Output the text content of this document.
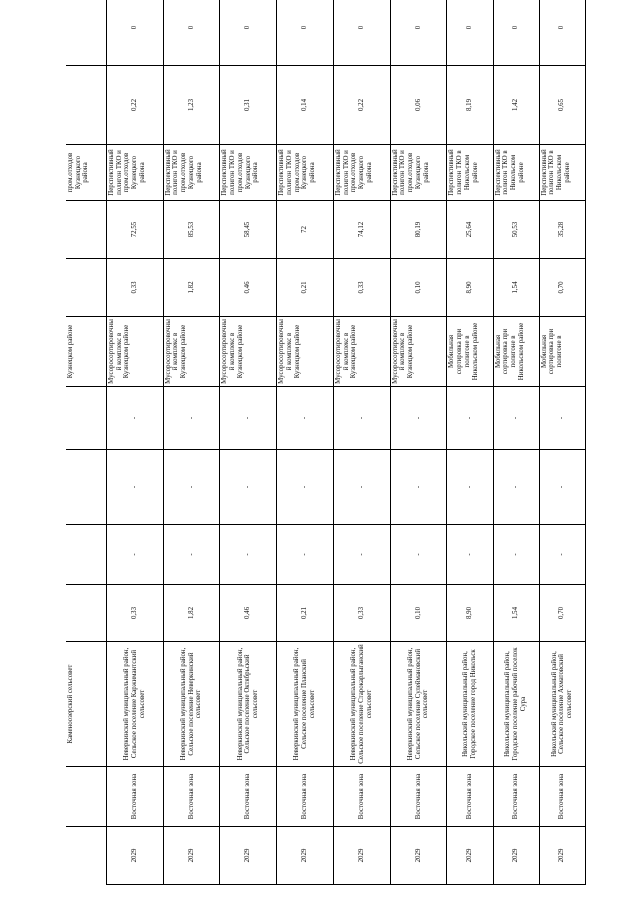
		Каменоозерский сельсовет					Кузнецком районе			пром.отходов Кузнецкого района		
2029	Восточная зона	Неверкинский муниципальный район, Сельское поселение Каржимантский сельсовет	0,33	-	-	-	Мусоросортировочный комплекс в Кузнецком районе	0,33	72,55	Перспективный полигон ТКО и пром.отходов Кузнецкого района	0,22	0
2029	Восточная зона	Неверкинский муниципальный район, Сельское поселение Неверкинский сельсовет	1,82	-	-	-	Мусоросортировочный комплекс в Кузнецком районе	1,82	85,53	Перспективный полигон ТКО и пром.отходов Кузнецкого района	1,23	0
2029	Восточная зона	Неверкинский муниципальный район, Сельское поселение Октябрьский сельсовет	0,46	-	-	-	Мусоросортировочный комплекс в Кузнецком районе	0,46	58,45	Перспективный полигон ТКО и пром.отходов Кузнецкого района	0,31	0
2029	Восточная зона	Неверкинский муниципальный район, Сельское поселение Планский сельсовет	0,21	-	-	-	Мусоросортировочный комплекс в Кузнецком районе	0,21	72	Перспективный полигон ТКО и пром.отходов Кузнецкого района	0,14	0
2029	Восточная зона	Неверкинский муниципальный район, Сельское поселение Старокарлыганский сельсовет	0,33	-	-	-	Мусоросортировочный комплекс в Кузнецком районе	0,33	74,12	Перспективный полигон ТКО и пром.отходов Кузнецкого района	0,22	0
2029	Восточная зона	Неверкинский муниципальный район, Сельское поселение Сулеймановский сельсовет	0,10	-	-	-	Мусоросортировочный комплекс в Кузнецком районе	0,10	80,19	Перспективный полигон ТКО и пром.отходов Кузнецкого района	0,06	0
2029	Восточная зона	Никольский муниципальный район, Городское поселение город Никольск	8,90	-	-	-	Мобильная сортировка при полигоне в Никольском районе	8,90	25,64	Перспективный полигон ТКО в Никольском районе	8,19	0
2029	Восточная зона	Никольский муниципальный район, Городское поселение рабочий поселок Сура	1,54	-	-	-	Мобильная сортировка при полигоне в Никольском районе	1,54	50,53	Перспективный полигон ТКО в Никольском районе	1,42	0
2029	Восточная зона	Никольский муниципальный район, Сельское поселение Ахматовский сельсовет	0,70	-	-	-	Мобильная сортировка при полигоне в	0,70	35,28	Перспективный полигон ТКО в Никольском районе	0,65	0
